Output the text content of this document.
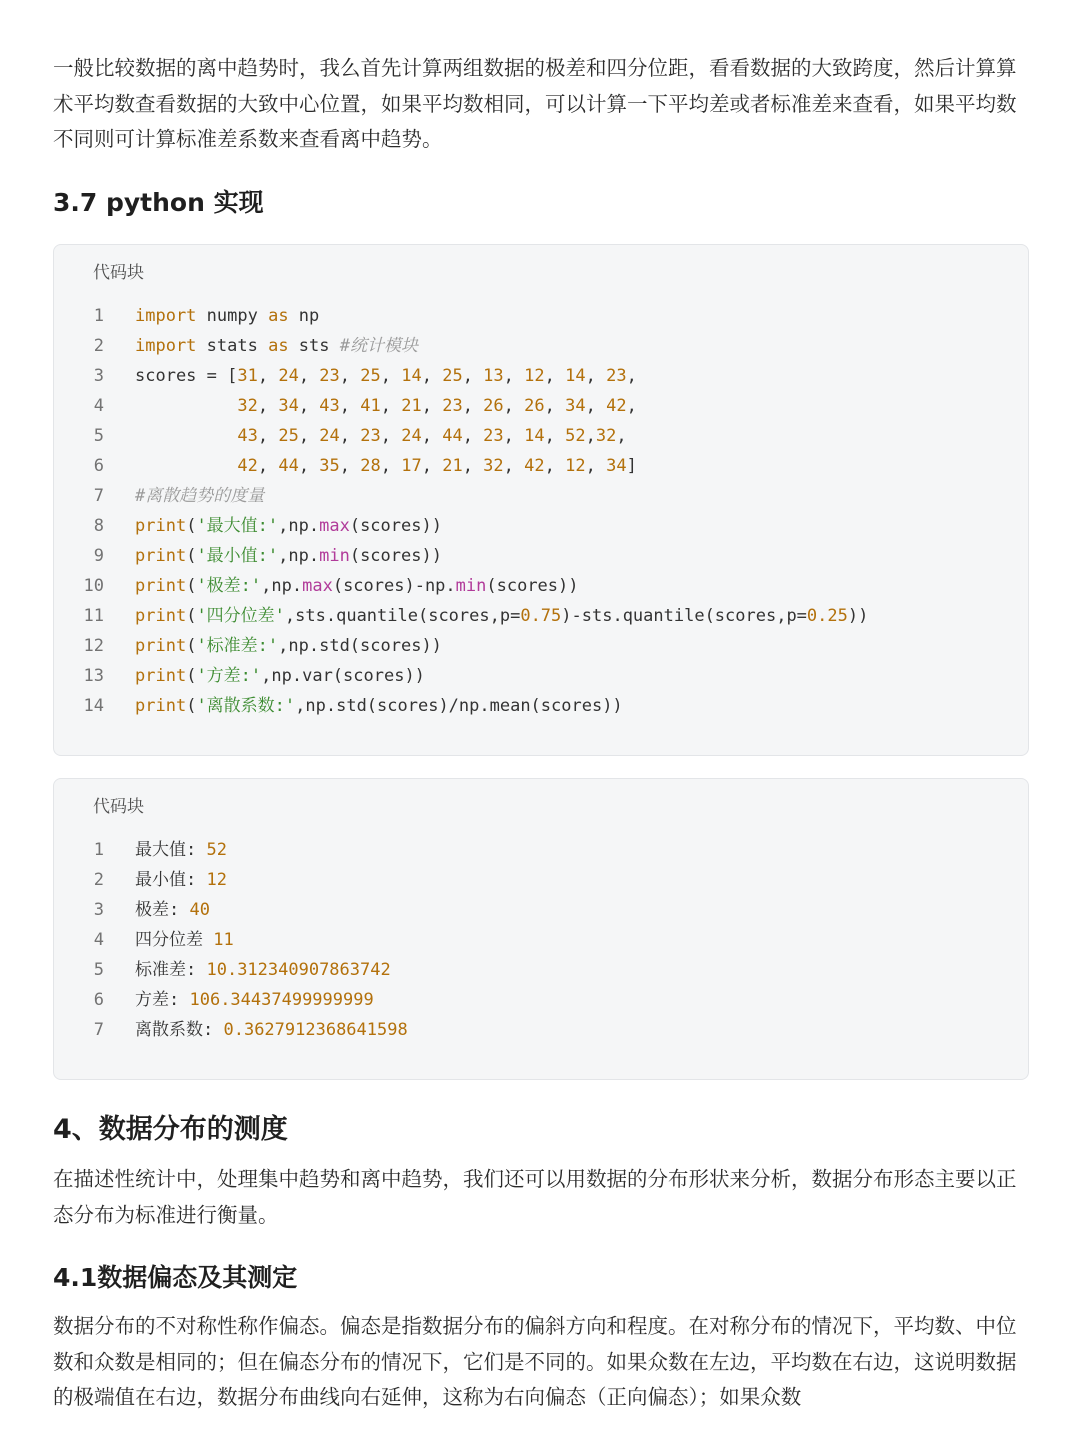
一般比较数据的离中趋势时，我么首先计算两组数据的极差和四分位距，看看数据的大致跨度，然后计算算术平均数查看数据的大致中心位置，如果平均数相同，可以计算一下平均差或者标准差来查看，如果平均数不同则可计算标准差系数来查看离中趋势。
3.7 python 实现
代码块
1 import numpy as np
2 import stats as sts #统计模块
3 scores = [31, 24, 23, 25, 14, 25, 13, 12, 14, 23,
4	32, 34, 43, 41, 21, 23, 26, 26, 34, 42,
5	43, 25, 24, 23, 24, 44, 23, 14, 52,32,
6	42, 44, 35, 28, 17, 21, 32, 42, 12, 34]
7 #离散趋势的度量
8 print('最大值:',np.max(scores))
9 print('最小值:',np.min(scores))
10 print('极差:',np.max(scores)-np.min(scores))
11 print('四分位差',sts.quantile(scores,p=0.75)-sts.quantile(scores,p=0.25))
12 print('标准差:',np.std(scores))
13 print('方差:',np.var(scores))
14 print('离散系数:',np.std(scores)/np.mean(scores))
代码块
1 最大值: 52
2 最小值: 12
3 极差: 40
4 四分位差 11
5 标准差: 10.312340907863742
6 方差: 106.34437499999999
7 离散系数: 0.3627912368641598
4、数据分布的测度
在描述性统计中，处理集中趋势和离中趋势，我们还可以用数据的分布形状来分析，数据分布形态主要以正态分布为标准进行衡量。
4.1数据偏态及其测定
数据分布的不对称性称作偏态。偏态是指数据分布的偏斜方向和程度。在对称分布的情况下，平均数、中位数和众数是相同的；但在偏态分布的情况下，它们是不同的。如果众数在左边，平均数在右边，这说明数据的极端值在右边，数据分布曲线向右延伸，这称为右向偏态（正向偏态）；如果众数
